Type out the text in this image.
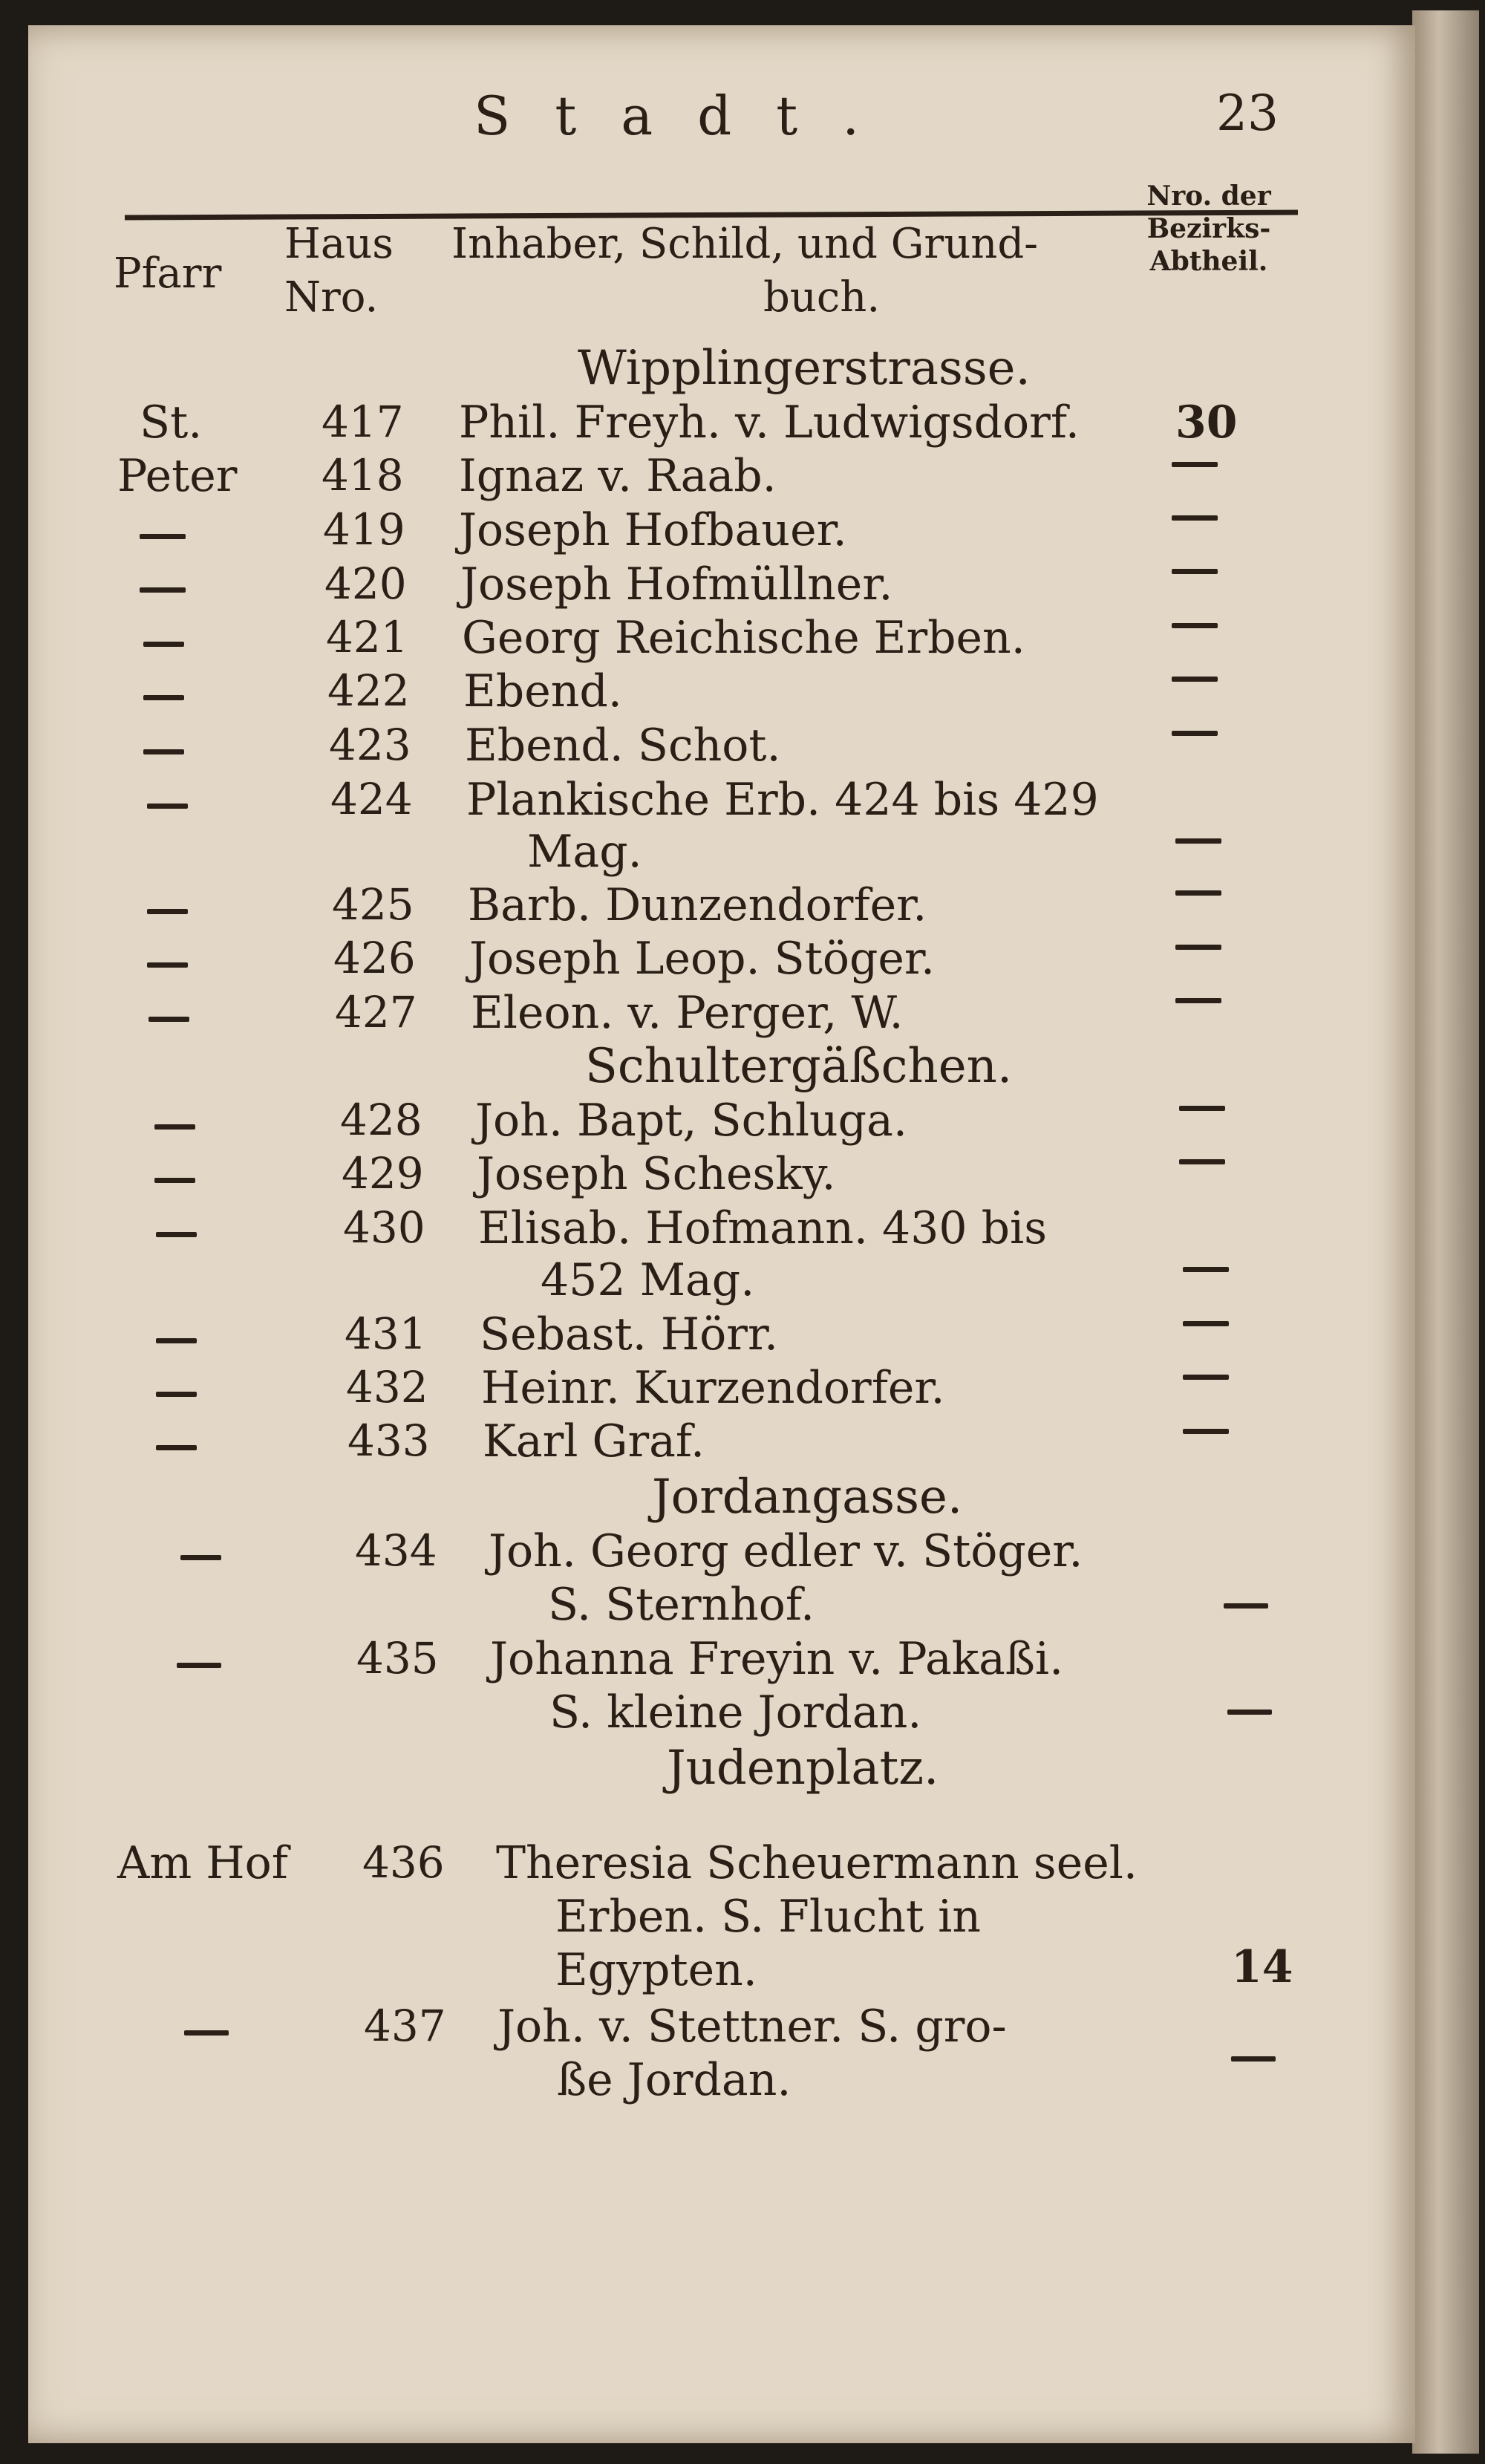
Stadt.	23
Pfarr
Haus
Nro.
Inhaber, Schild, und Grund-
buch.
Nro. der
Bezirks-
Abtheil.
Wipplingerstrasse.
St.
Peter
Am Hof
417 Phil. Freyh. v. Ludwigsdorf. 30
418 Ignaz v. Raab.
419 Joseph Hofbauer.
420 Joseph Hofmüllner.
421 Georg Reichische Erben.
422 Ebend.
423 Ebend. Schot.
424 Plankische Erb. 424 bis 429
Mag.
425 Barb. Dunzendorfer.
426 Joseph Leop. Stöger.
427 Eleon. v. Perger, W.
Schultergäßchen.
428 Joh. Bapt, Schluga.
429 Joseph Schesky.
430 Elisab. Hofmann. 430 bis
452 Mag.
431 Sebast. Hörr.
432 Heinr. Kurzendorfer.
433 Karl Graf.
Jordangasse.
434 Joh. Georg edler v. Stöger.
S. Sternhof.
435 Johanna Freyin v. Pakaßi.
S. kleine Jordan.
Judenplatz.
436 Theresia Scheuermann seel.
Erben. S. Flucht in
Egypten.	14
437 Joh. v. Stettner. S. gro-
ße Jordan.
